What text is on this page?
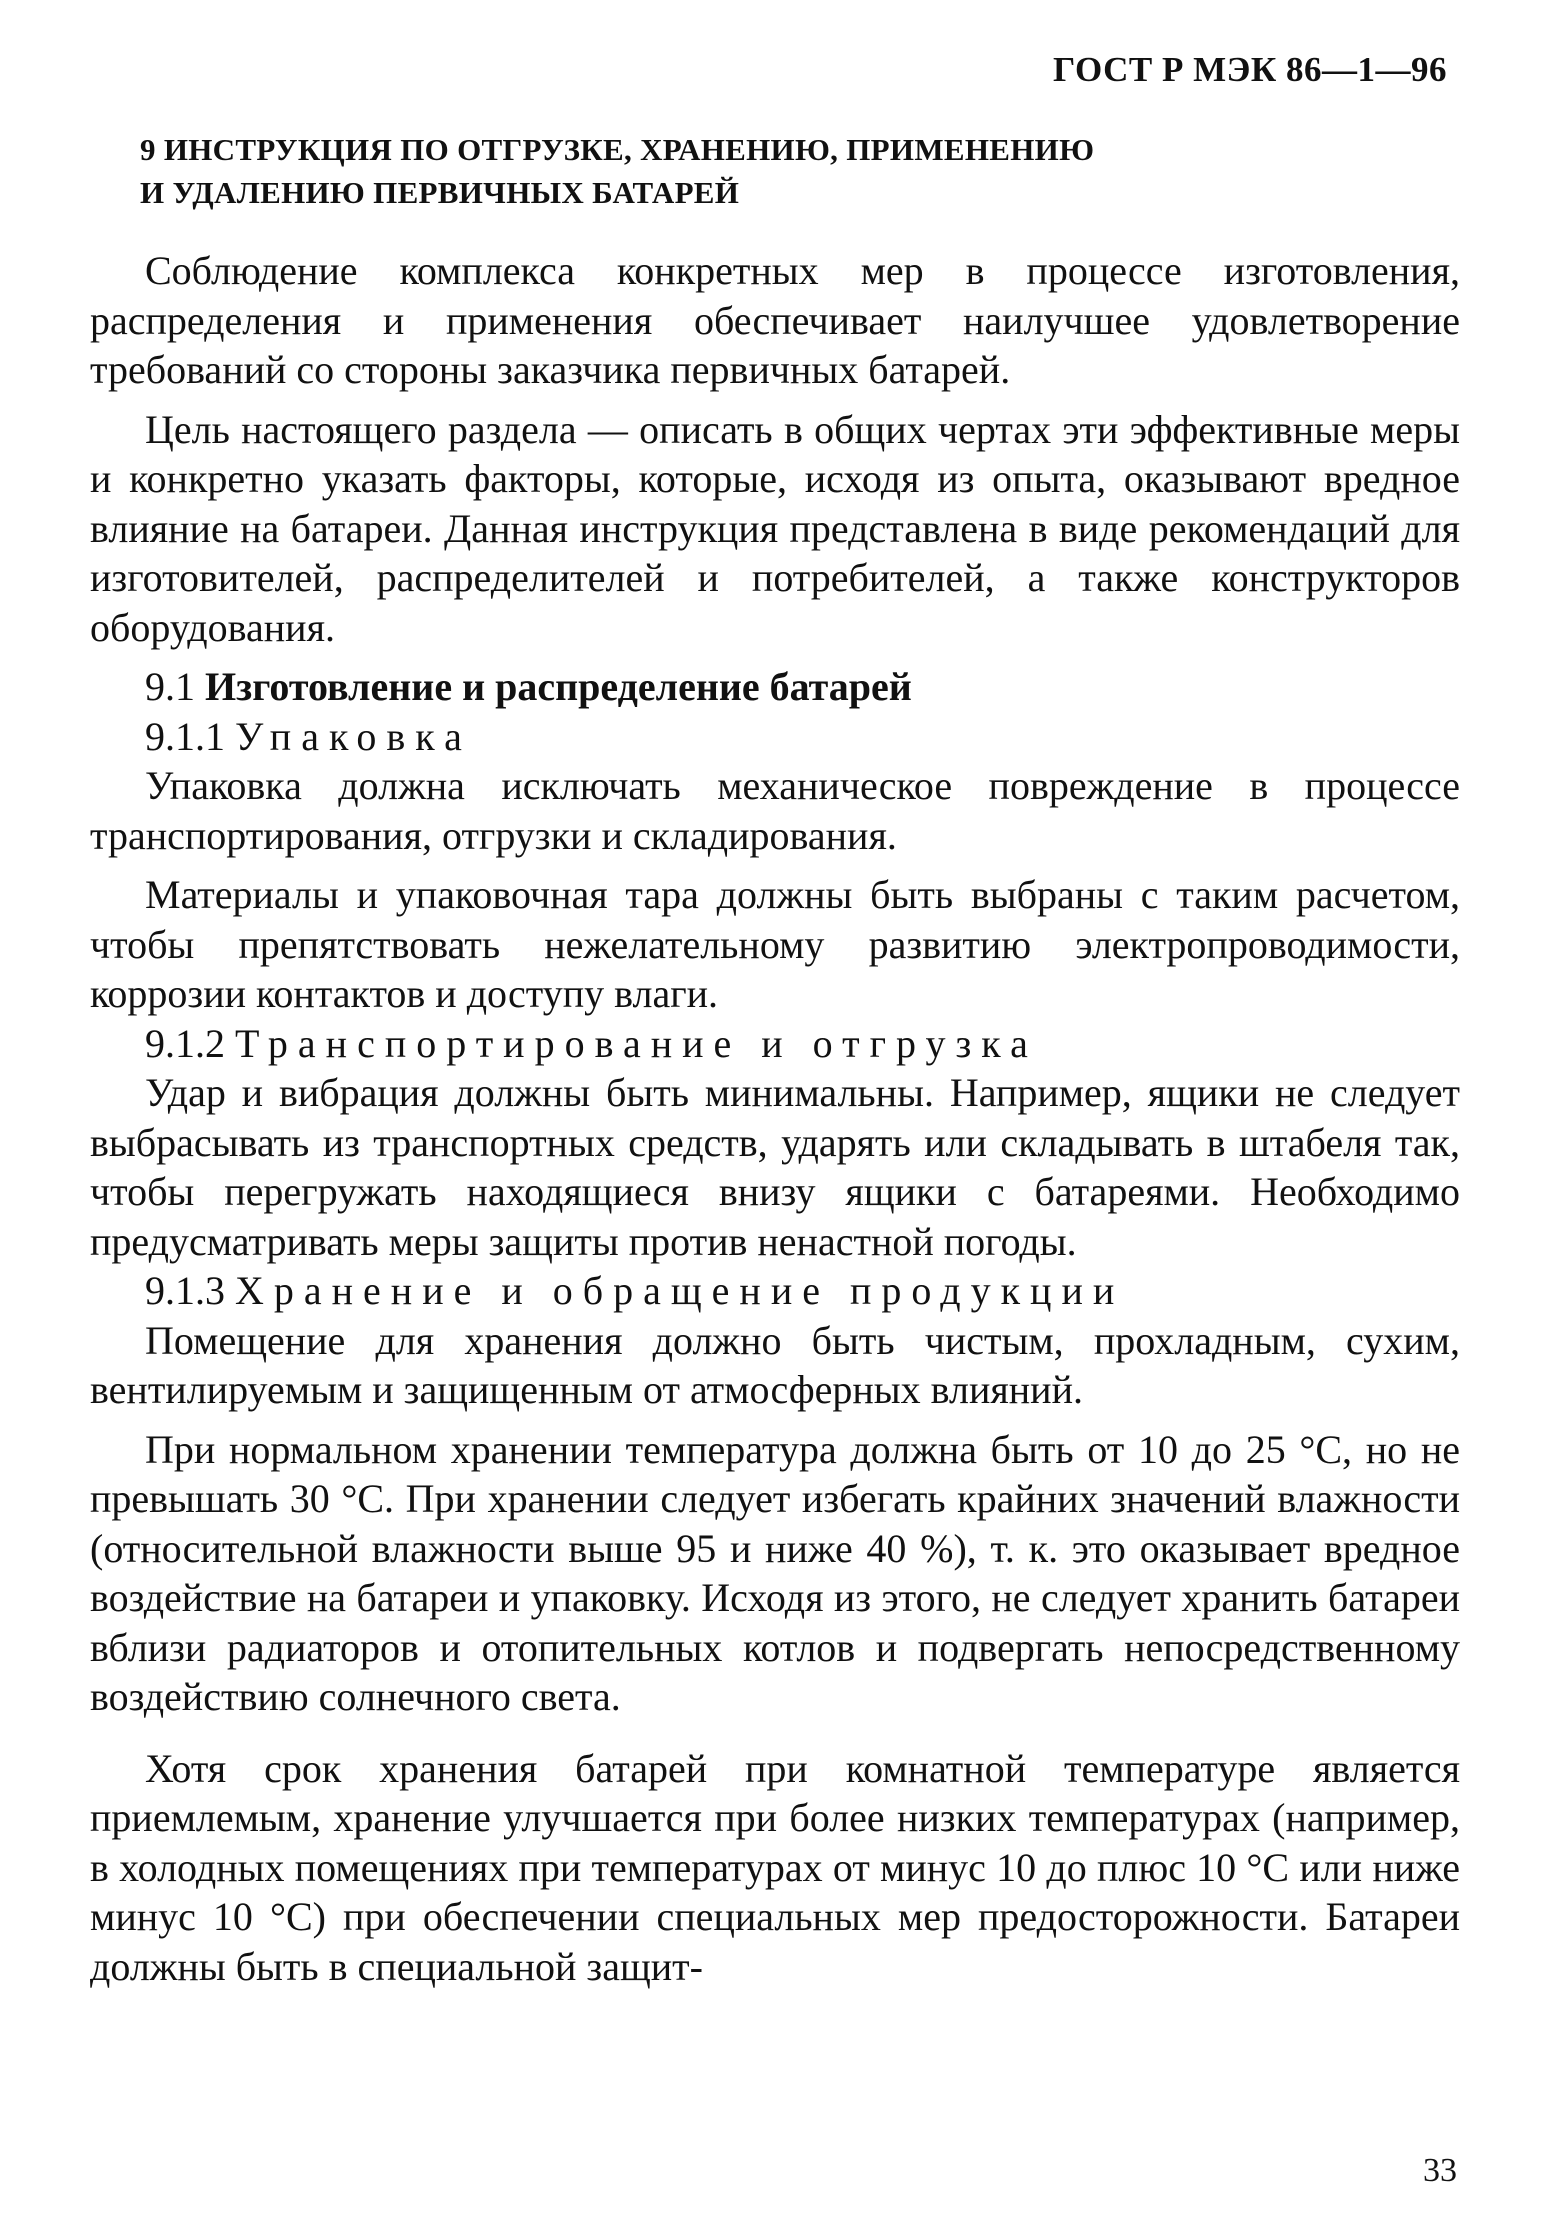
ГОСТ Р МЭК 86—1—96
9 ИНСТРУКЦИЯ ПО ОТГРУЗКЕ, ХРАНЕНИЮ, ПРИМЕНЕНИЮ
И УДАЛЕНИЮ ПЕРВИЧНЫХ БАТАРЕЙ

Соблюдение комплекса конкретных мер в процессе изготовления, распределения и применения обеспечивает наилучшее удовлетворение требований со стороны заказчика первичных батарей.

Цель настоящего раздела — описать в общих чертах эти эффективные меры и конкретно указать факторы, которые, исходя из опыта, оказывают вредное влияние на батареи. Данная инструкция представлена в виде рекомендаций для изготовителей, распределителей и потребителей, а также конструкторов оборудования.

9.1 Изготовление и распределение батарей

9.1.1 Упаковка

Упаковка должна исключать механическое повреждение в процессе транспортирования, отгрузки и складирования.

Материалы и упаковочная тара должны быть выбраны с таким расчетом, чтобы препятствовать нежелательному развитию электропроводимости, коррозии контактов и доступу влаги.

9.1.2 Транспортирование и отгрузка

Удар и вибрация должны быть минимальны. Например, ящики не следует выбрасывать из транспортных средств, ударять или складывать в штабеля так, чтобы перегружать находящиеся внизу ящики с батареями. Необходимо предусматривать меры защиты против ненастной погоды.

9.1.3 Хранение и обращение продукции

Помещение для хранения должно быть чистым, прохладным, сухим, вентилируемым и защищенным от атмосферных влияний.

При нормальном хранении температура должна быть от 10 до 25 °С, но не превышать 30 °С. При хранении следует избегать крайних значений влажности (относительной влажности выше 95 и ниже 40 %), т. к. это оказывает вредное воздействие на батареи и упаковку. Исходя из этого, не следует хранить батареи вблизи радиаторов и отопительных котлов и подвергать непосредственному воздействию солнечного света.

Хотя срок хранения батарей при комнатной температуре является приемлемым, хранение улучшается при более низких температурах (например, в холодных помещениях при температурах от минус 10 до плюс 10 °С или ниже минус 10 °С) при обеспечении специальных мер предосторожности. Батареи должны быть в специальной защит-

33
